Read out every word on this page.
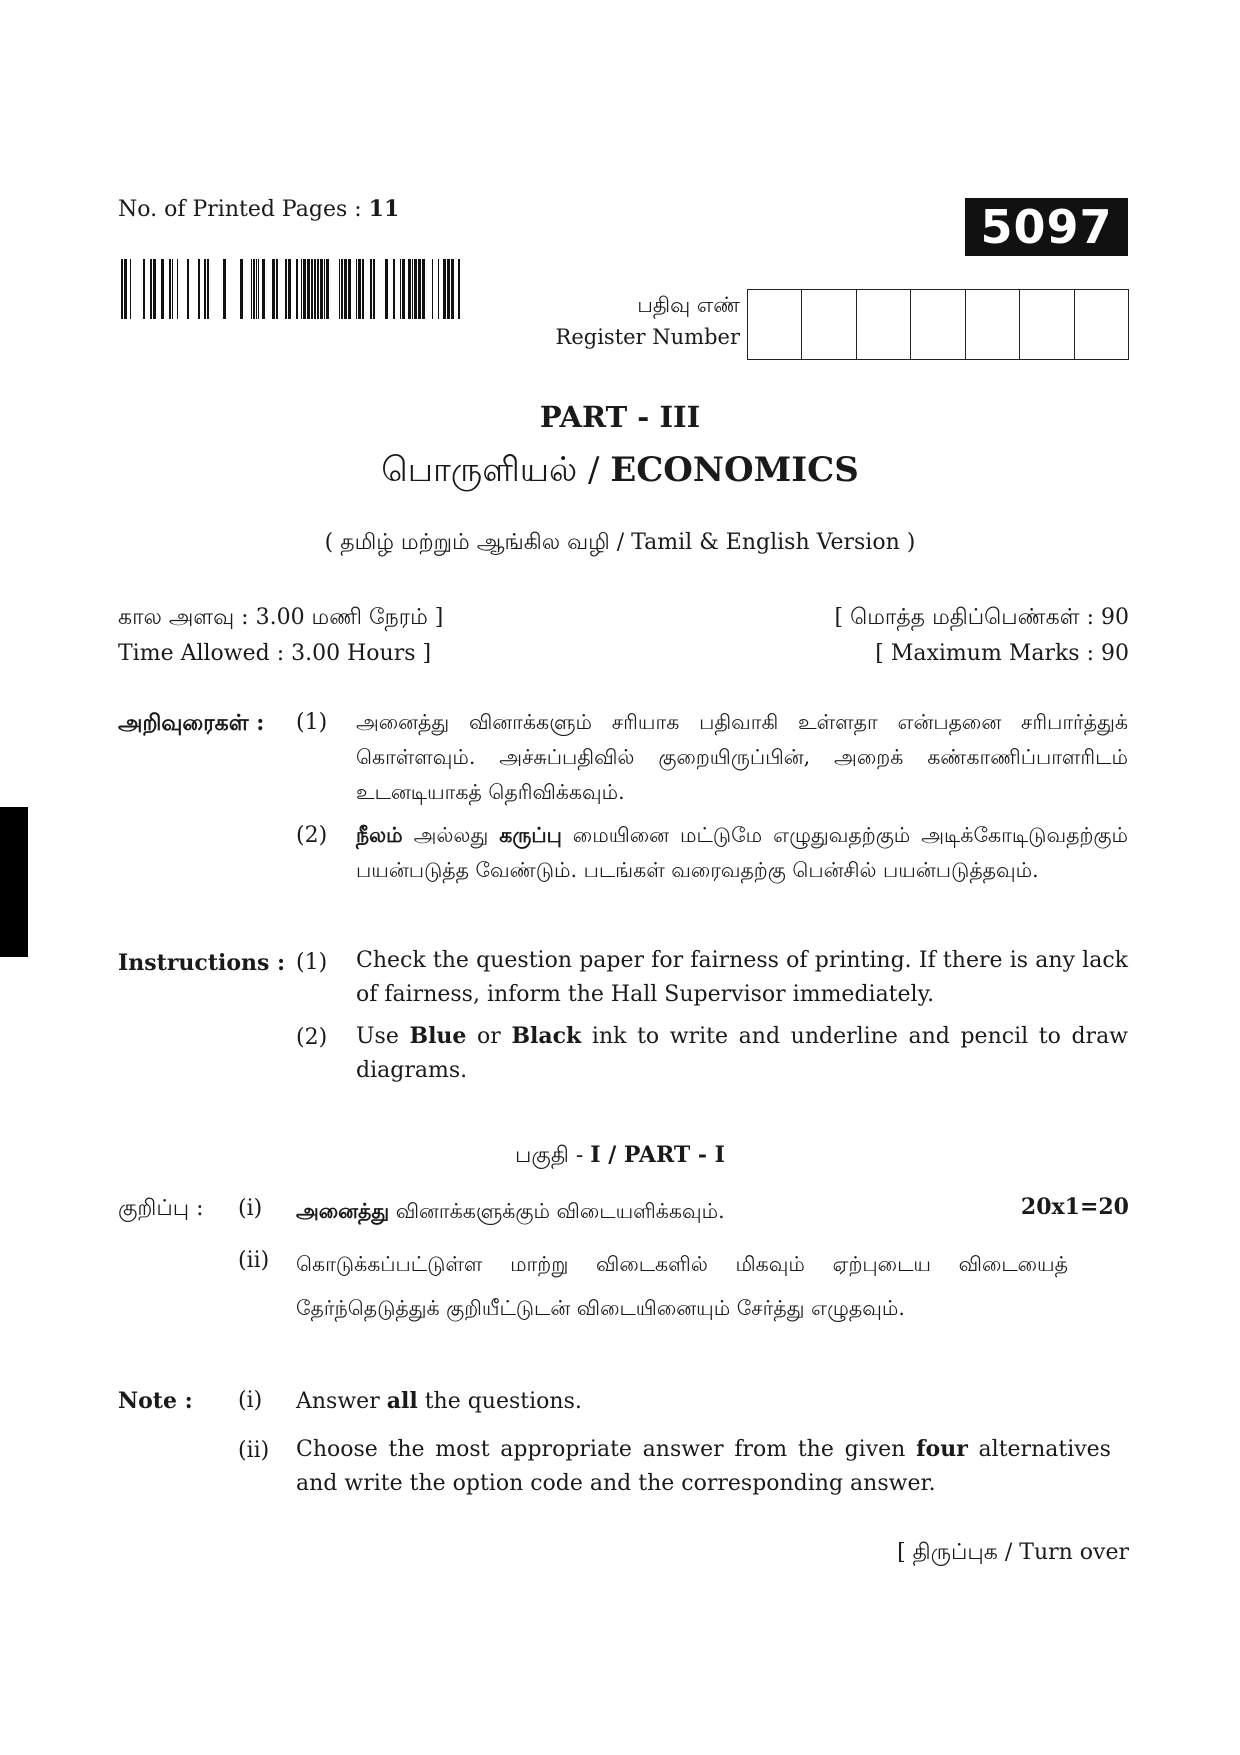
No. of Printed Pages : 11	5097
பதிவு எண்
Register Number
PART - III
பொருளியல் / ECONOMICS
( தமிழ் மற்றும் ஆங்கில வழி / Tamil & English Version )
கால அளவு : 3.00 மணி நேரம் ]
Time Allowed : 3.00 Hours ]
[ மொத்த மதிப்பெண்கள் : 90
[ Maximum Marks : 90
அறிவுரைகள் : (1) அனைத்து வினாக்களும் சரியாக பதிவாகி உள்ளதா என்பதனை சரிபார்த்துக் கொள்ளவும். அச்சுப்பதிவில் குறையிருப்பின், அறைக் கண்காணிப்பாளரிடம் உடனடியாகத் தெரிவிக்கவும்.
(2) நீலம் அல்லது கருப்பு மையினை மட்டுமே எழுதுவதற்கும் அடிக்கோடிடுவதற்கும் பயன்படுத்த வேண்டும். படங்கள் வரைவதற்கு பென்சில் பயன்படுத்தவும்.
Instructions : (1) Check the question paper for fairness of printing. If there is any lack of fairness, inform the Hall Supervisor immediately.
(2) Use Blue or Black ink to write and underline and pencil to draw diagrams.
பகுதி - I / PART - I
குறிப்பு : (i) அனைத்து வினாக்களுக்கும் விடையளிக்கவும்.	20x1=20
(ii) கொடுக்கப்பட்டுள்ள மாற்று விடைகளில் மிகவும் ஏற்புடைய விடையைத் தேர்ந்தெடுத்துக் குறியீட்டுடன் விடையினையும் சேர்த்து எழுதவும்.
Note : (i) Answer all the questions.
(ii) Choose the most appropriate answer from the given four alternatives and write the option code and the corresponding answer.
[ திருப்புக / Turn over
